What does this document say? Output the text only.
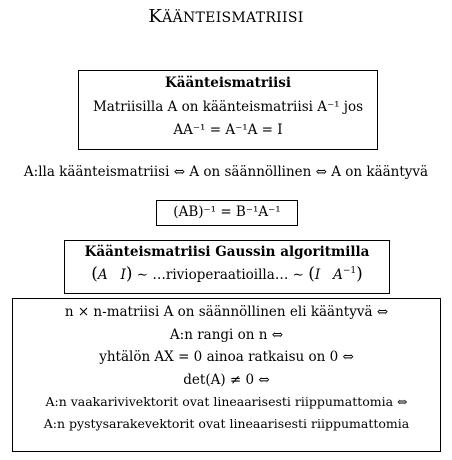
KÄÄNTEISMATRIISI
Käänteismatriisi
Matriisilla A on käänteismatriisi A⁻¹ jos
AA⁻¹ = A⁻¹A = I
A:lla käänteismatriisi ⇔ A on säännöllinen ⇔ A on kääntyvä
(AB)⁻¹ = B⁻¹A⁻¹
Käänteismatriisi Gaussin algoritmilla
(A I) ∼ …rivioperaatioilla… ∼ (I $A^{-1}$)
n × n-matriisi A on säännöllinen eli kääntyvä ⇔
A:n rangi on n ⇔
yhtälön AX = 0 ainoa ratkaisu on 0 ⇔
det(A) ≠ 0 ⇔
A:n vaakarivivektorit ovat lineaarisesti riippumattomia ⇔
A:n pystysarakevektorit ovat lineaarisesti riippumattomia
